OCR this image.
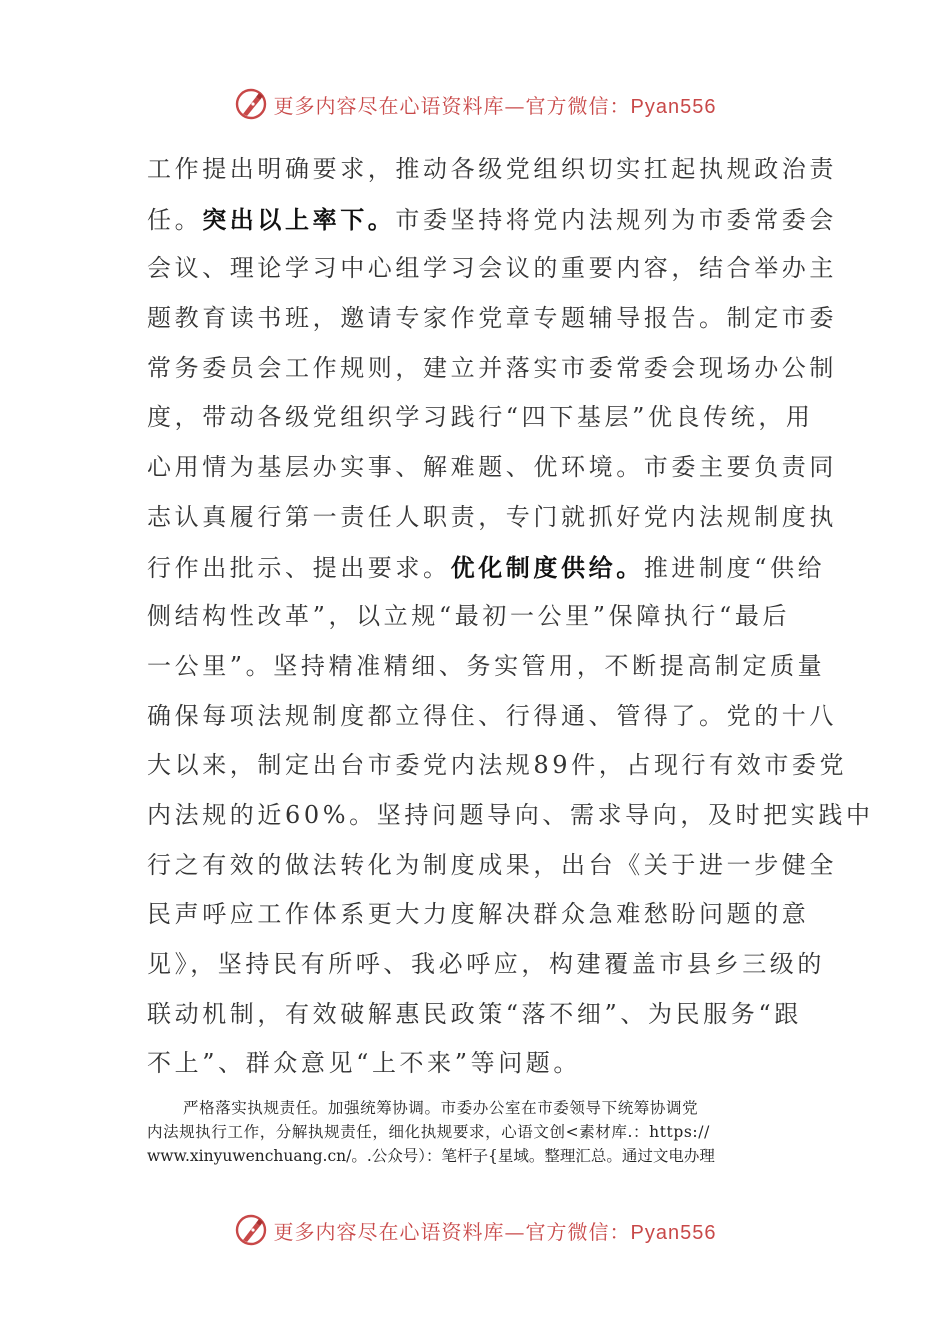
更多内容尽在心语资料库—官方微信：Pyan556
工作提出明确要求，推动各级党组织切实扛起执规政治责
任。突出以上率下。市委坚持将党内法规列为市委常委会
会议、理论学习中心组学习会议的重要内容，结合举办主
题教育读书班，邀请专家作党章专题辅导报告。制定市委
常务委员会工作规则，建立并落实市委常委会现场办公制
度，带动各级党组织学习践行“四下基层”优良传统，用
心用情为基层办实事、解难题、优环境。市委主要负责同
志认真履行第一责任人职责，专门就抓好党内法规制度执
行作出批示、提出要求。优化制度供给。推进制度“供给
侧结构性改革”，以立规“最初一公里”保障执行“最后
一公里”。坚持精准精细、务实管用，不断提高制定质量
确保每项法规制度都立得住、行得通、管得了。党的十八
大以来，制定出台市委党内法规89件，占现行有效市委党
内法规的近60%。坚持问题导向、需求导向，及时把实践中
行之有效的做法转化为制度成果，出台《关于进一步健全
民声呼应工作体系更大力度解决群众急难愁盼问题的意
见》，坚持民有所呼、我必呼应，构建覆盖市县乡三级的
联动机制，有效破解惠民政策“落不细”、为民服务“跟
不上”、群众意见“上不来”等问题。
严格落实执规责任。加强统筹协调。市委办公室在市委领导下统筹协调党
内法规执行工作，分解执规责任，细化执规要求，心语文创<素材库.：https://
www.xinyuwenchuang.cn/。.公众号）：笔杆子{星域。整理汇总。通过文电办理
更多内容尽在心语资料库—官方微信：Pyan556
